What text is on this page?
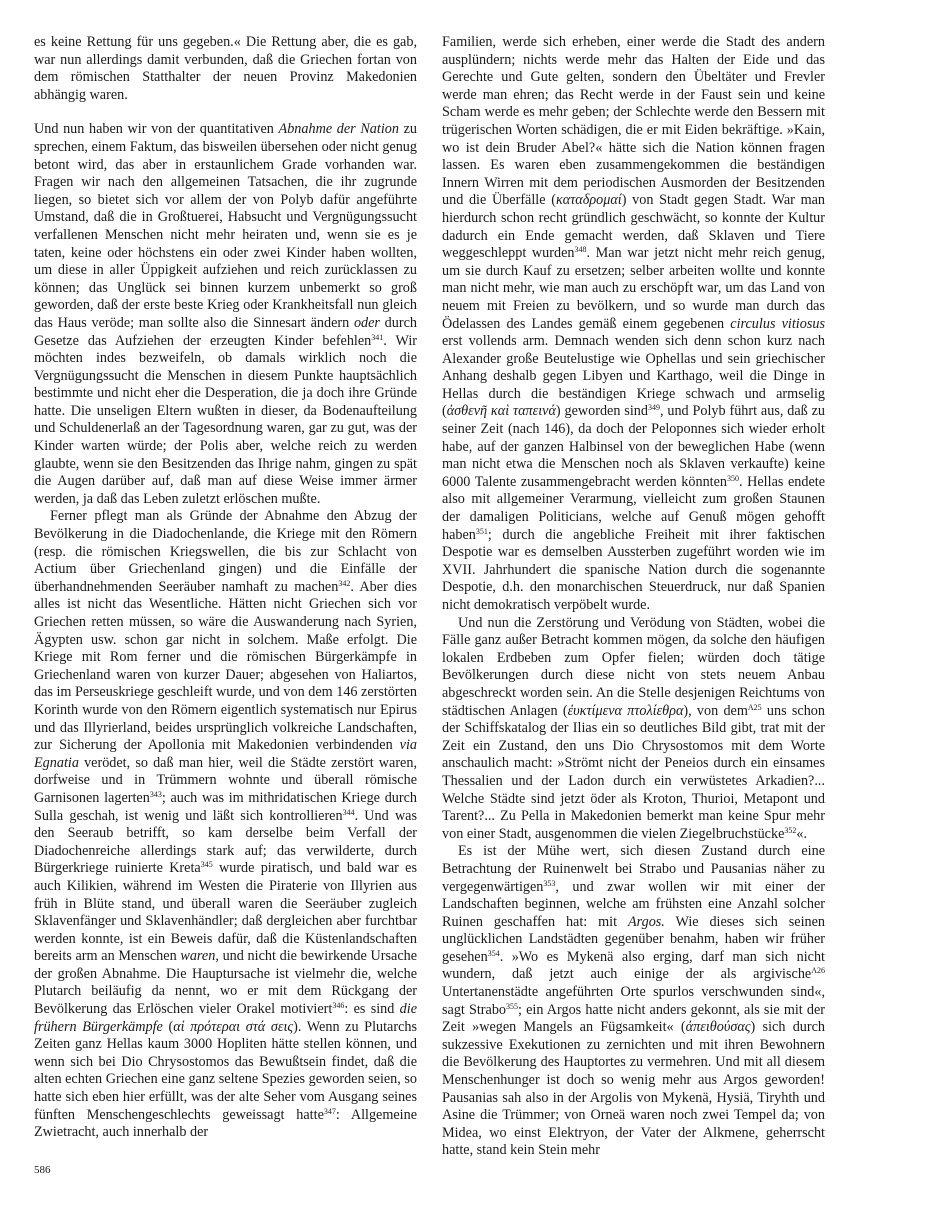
es keine Rettung für uns gegeben.« Die Rettung aber, die es gab, war nun allerdings damit verbunden, daß die Griechen fortan von dem römischen Statthalter der neuen Provinz Makedonien abhängig waren.

Und nun haben wir von der quantitativen Abnahme der Nation zu sprechen, einem Faktum, das bisweilen übersehen oder nicht genug betont wird, das aber in erstaunlichem Grade vorhanden war. Fragen wir nach den allgemeinen Tatsachen, die ihr zugrunde liegen, so bietet sich vor allem der von Polyb dafür angeführte Umstand, daß die in Großtuerei, Habsucht und Vergnügungssucht verfallenen Menschen nicht mehr heiraten und, wenn sie es je taten, keine oder höchstens ein oder zwei Kinder haben wollten, um diese in aller Üppigkeit aufziehen und reich zurücklassen zu können; das Unglück sei binnen kurzem unbemerkt so groß geworden, daß der erste beste Krieg oder Krankheitsfall nun gleich das Haus veröde; man sollte also die Sinnesart ändern oder durch Gesetze das Aufziehen der erzeugten Kinder befehlen$^{341}$. Wir möchten indes bezweifeln, ob damals wirklich noch die Vergnügungssucht die Menschen in diesem Punkte hauptsächlich bestimmte und nicht eher die Desperation, die ja doch ihre Gründe hatte. Die unseligen Eltern wußten in dieser, da Bodenaufteilung und Schuldenerlaß an der Tagesordnung waren, gar zu gut, was der Kinder warten würde; der Polis aber, welche reich zu werden glaubte, wenn sie den Besitzenden das Ihrige nahm, gingen zu spät die Augen darüber auf, daß man auf diese Weise immer ärmer werden, ja daß das Leben zuletzt erlöschen mußte.

Ferner pflegt man als Gründe der Abnahme den Abzug der Bevölkerung in die Diadochenlande, die Kriege mit den Römern (resp. die römischen Kriegswellen, die bis zur Schlacht von Actium über Griechenland gingen) und die Einfälle der überhandnehmenden Seeräuber namhaft zu machen$^{342}$. Aber dies alles ist nicht das Wesentliche. Hätten nicht Griechen sich vor Griechen retten müssen, so wäre die Auswanderung nach Syrien, Ägypten usw. schon gar nicht in solchem. Maße erfolgt. Die Kriege mit Rom ferner und die römischen Bürgerkämpfe in Griechenland waren von kurzer Dauer; abgesehen von Haliartos, das im Perseuskriege geschleift wurde, und von dem 146 zerstörten Korinth wurde von den Römern eigentlich systematisch nur Epirus und das Illyrierland, beides ursprünglich volkreiche Landschaften, zur Sicherung der Apollonia mit Makedonien verbindenden via Egnatia verödet, so daß man hier, weil die Städte zerstört waren, dorfweise und in Trümmern wohnte und überall römische Garnisonen lagerten$^{343}$; auch was im mithridatischen Kriege durch Sulla geschah, ist wenig und läßt sich kontrollieren$^{344}$. Und was den Seeraub betrifft, so kam derselbe beim Verfall der Diadochenreiche allerdings stark auf; das verwilderte, durch Bürgerkriege ruinierte Kreta$^{345}$ wurde piratisch, und bald war es auch Kilikien, während im Westen die Piraterie von Illyrien aus früh in Blüte stand, und überall waren die Seeräuber zugleich Sklavenfänger und Sklavenhändler; daß dergleichen aber furchtbar werden konnte, ist ein Beweis dafür, daß die Küstenlandschaften bereits arm an Menschen waren, und nicht die bewirkende Ursache der großen Abnahme. Die Hauptursache ist vielmehr die, welche Plutarch beiläufig da nennt, wo er mit dem Rückgang der Bevölkerung das Erlöschen vieler Orakel motiviert$^{346}$: es sind die frühern Bürgerkämpfe (αἱ πρότεραι στά σεις). Wenn zu Plutarchs Zeiten ganz Hellas kaum 3000 Hopliten hätte stellen können, und wenn sich bei Dio Chrysostomos das Bewußtsein findet, daß die alten echten Griechen eine ganz seltene Spezies geworden seien, so hatte sich eben hier erfüllt, was der alte Seher vom Ausgang seines fünften Menschengeschlechts geweissagt hatte$^{347}$: Allgemeine Zwietracht, auch innerhalb der

Familien, werde sich erheben, einer werde die Stadt des andern ausplündern; nichts werde mehr das Halten der Eide und das Gerechte und Gute gelten, sondern den Übeltäter und Frevler werde man ehren; das Recht werde in der Faust sein und keine Scham werde es mehr geben; der Schlechte werde den Bessern mit trügerischen Worten schädigen, die er mit Eiden bekräftige. »Kain, wo ist dein Bruder Abel?« hätte sich die Nation können fragen lassen. Es waren eben zusammengekommen die beständigen Innern Wirren mit dem periodischen Ausmorden der Besitzenden und die Überfälle (καταδρομαί) von Stadt gegen Stadt. War man hierdurch schon recht gründlich geschwächt, so konnte der Kultur dadurch ein Ende gemacht werden, daß Sklaven und Tiere weggeschleppt wurden$^{348}$. Man war jetzt nicht mehr reich genug, um sie durch Kauf zu ersetzen; selber arbeiten wollte und konnte man nicht mehr, wie man auch zu erschöpft war, um das Land von neuem mit Freien zu bevölkern, und so wurde man durch das Ödelassen des Landes gemäß einem gegebenen circulus vitiosus erst vollends arm. Demnach wenden sich denn schon kurz nach Alexander große Beutelustige wie Ophellas und sein griechischer Anhang deshalb gegen Libyen und Karthago, weil die Dinge in Hellas durch die beständigen Kriege schwach und armselig (ἀσθενῆ καὶ ταπεινά) geworden sind$^{349}$, und Polyb führt aus, daß zu seiner Zeit (nach 146), da doch der Peloponnes sich wieder erholt habe, auf der ganzen Halbinsel von der beweglichen Habe (wenn man nicht etwa die Menschen noch als Sklaven verkaufte) keine 6000 Talente zusammengebracht werden könnten$^{350}$. Hellas endete also mit allgemeiner Verarmung, vielleicht zum großen Staunen der damaligen Politicians, welche auf Genuß mögen gehofft haben$^{351}$; durch die angebliche Freiheit mit ihrer faktischen Despotie war es demselben Aussterben zugeführt worden wie im XVII. Jahrhundert die spanische Nation durch die sogenannte Despotie, d.h. den monarchischen Steuerdruck, nur daß Spanien nicht demokratisch verpöbelt wurde.

Und nun die Zerstörung und Verödung von Städten, wobei die Fälle ganz außer Betracht kommen mögen, da solche den häufigen lokalen Erdbeben zum Opfer fielen; würden doch tätige Bevölkerungen durch diese nicht von stets neuem Anbau abgeschreckt worden sein. An die Stelle desjenigen Reichtums von städtischen Anlagen (ἐυκτίμενα πτολίεθρα), von dem$^{A25}$ uns schon der Schiffskatalog der Ilias ein so deutliches Bild gibt, trat mit der Zeit ein Zustand, den uns Dio Chrysostomos mit dem Worte anschaulich macht: »Strömt nicht der Peneios durch ein einsames Thessalien und der Ladon durch ein verwüstetes Arkadien?... Welche Städte sind jetzt öder als Kroton, Thurioi, Metapont und Tarent?... Zu Pella in Makedonien bemerkt man keine Spur mehr von einer Stadt, ausgenommen die vielen Ziegelbruchstücke$^{352}$«.

Es ist der Mühe wert, sich diesen Zustand durch eine Betrachtung der Ruinenwelt bei Strabo und Pausanias näher zu vergegenwärtigen$^{353}$, und zwar wollen wir mit einer der Landschaften beginnen, welche am frühsten eine Anzahl solcher Ruinen geschaffen hat: mit Argos. Wie dieses sich seinen unglücklichen Landstädten gegenüber benahm, haben wir früher gesehen$^{354}$. »Wo es Mykenä also erging, darf man sich nicht wundern, daß jetzt auch einige der als argivische$^{A26}$ Untertanenstädte angeführten Orte spurlos verschwunden sind«, sagt Strabo$^{355}$; ein Argos hatte nicht anders gekonnt, als sie mit der Zeit »wegen Mangels an Fügsamkeit« (ἀπειθούσας) sich durch sukzessive Exekutionen zu zernichten und mit ihren Bewohnern die Bevölkerung des Hauptortes zu vermehren. Und mit all diesem Menschenhunger ist doch so wenig mehr aus Argos geworden! Pausanias sah also in der Argolis von Mykenä, Hysiä, Tiryhth und Asine die Trümmer; von Orneä waren noch zwei Tempel da; von Midea, wo einst Elektryon, der Vater der Alkmene, geherrscht hatte, stand kein Stein mehr

586
